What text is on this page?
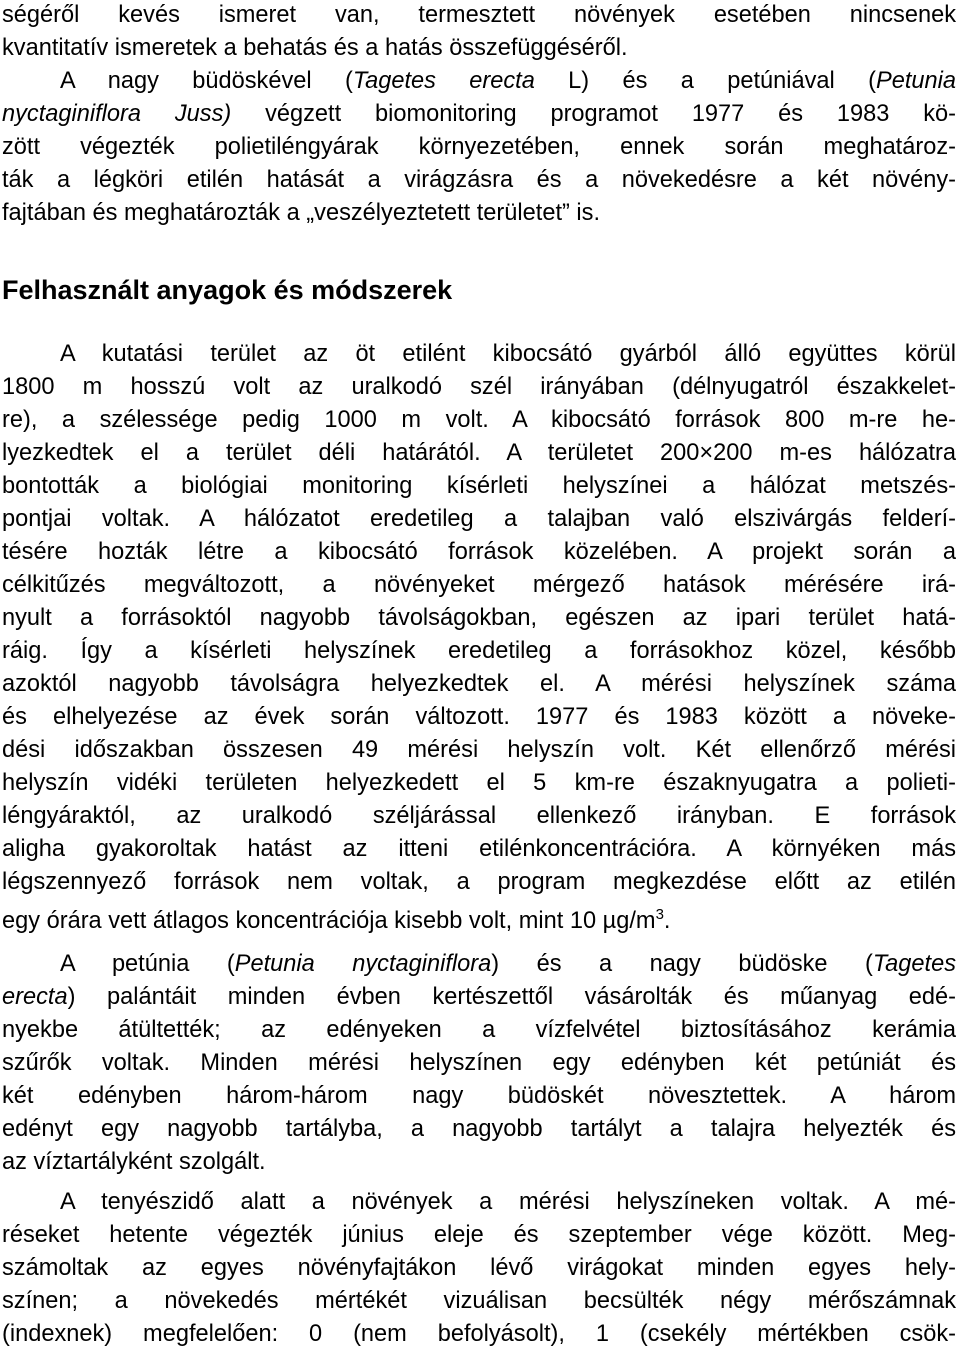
ségéről kevés ismeret van, termesztett növények esetében nincsenek
kvantitatív ismeretek a behatás és a hatás összefüggéséről.
A nagy büdöskével (Tagetes erecta L) és a petúniával (Petunia
nyctaginiflora Juss) végzett biomonitoring programot 1977 és 1983 kö-
zött végezték polietiléngyárak környezetében, ennek során meghatároz-
ták a légköri etilén hatását a virágzásra és a növekedésre a két növény-
fajtában és meghatározták a „veszélyeztetett területet” is.
Felhasznált anyagok és módszerek
A kutatási terület az öt etilént kibocsátó gyárból álló együttes körül
1800 m hosszú volt az uralkodó szél irányában (délnyugatról északkelet-
re), a szélessége pedig 1000 m volt. A kibocsátó források 800 m-re he-
lyezkedtek el a terület déli határától. A területet 200×200 m-es hálózatra
bontották a biológiai monitoring kísérleti helyszínei a hálózat metszés-
pontjai voltak. A hálózatot eredetileg a talajban való elszivárgás felderí-
tésére hozták létre a kibocsátó források közelében. A projekt során a
célkitűzés megváltozott, a növényeket mérgező hatások mérésére irá-
nyult a forrásoktól nagyobb távolságokban, egészen az ipari terület hatá-
ráig. Így a kísérleti helyszínek eredetileg a forrásokhoz közel, később
azoktól nagyobb távolságra helyezkedtek el. A mérési helyszínek száma
és elhelyezése az évek során változott. 1977 és 1983 között a növeke-
dési időszakban összesen 49 mérési helyszín volt. Két ellenőrző mérési
helyszín vidéki területen helyezkedett el 5 km-re északnyugatra a polieti-
léngyáraktól, az uralkodó széljárással ellenkező irányban. E források
aligha gyakoroltak hatást az itteni etilénkoncentrációra. A környéken más
légszennyező források nem voltak, a program megkezdése előtt az etilén
egy órára vett átlagos koncentrációja kisebb volt, mint 10 $\mu g/m^3$.
A petúnia (Petunia nyctaginiflora) és a nagy büdöske (Tagetes
erecta) palántáit minden évben kertészettől vásárolták és műanyag edé-
nyekbe átültették; az edényeken a vízfelvétel biztosításához kerámia
szűrők voltak. Minden mérési helyszínen egy edényben két petúniát és
két edényben három-három nagy büdöskét növesztettek. A három
edényt egy nagyobb tartályba, a nagyobb tartályt a talajra helyezték és
az víztartályként szolgált.
A tenyészidő alatt a növények a mérési helyszíneken voltak. A mé-
réseket hetente végezték június eleje és szeptember vége között. Meg-
számoltak az egyes növényfajtákon lévő virágokat minden egyes hely-
színen; a növekedés mértékét vizuálisan becsülték négy mérőszámnak
(indexnek) megfelelően: 0 (nem befolyásolt), 1 (csekély mértékben csök-
